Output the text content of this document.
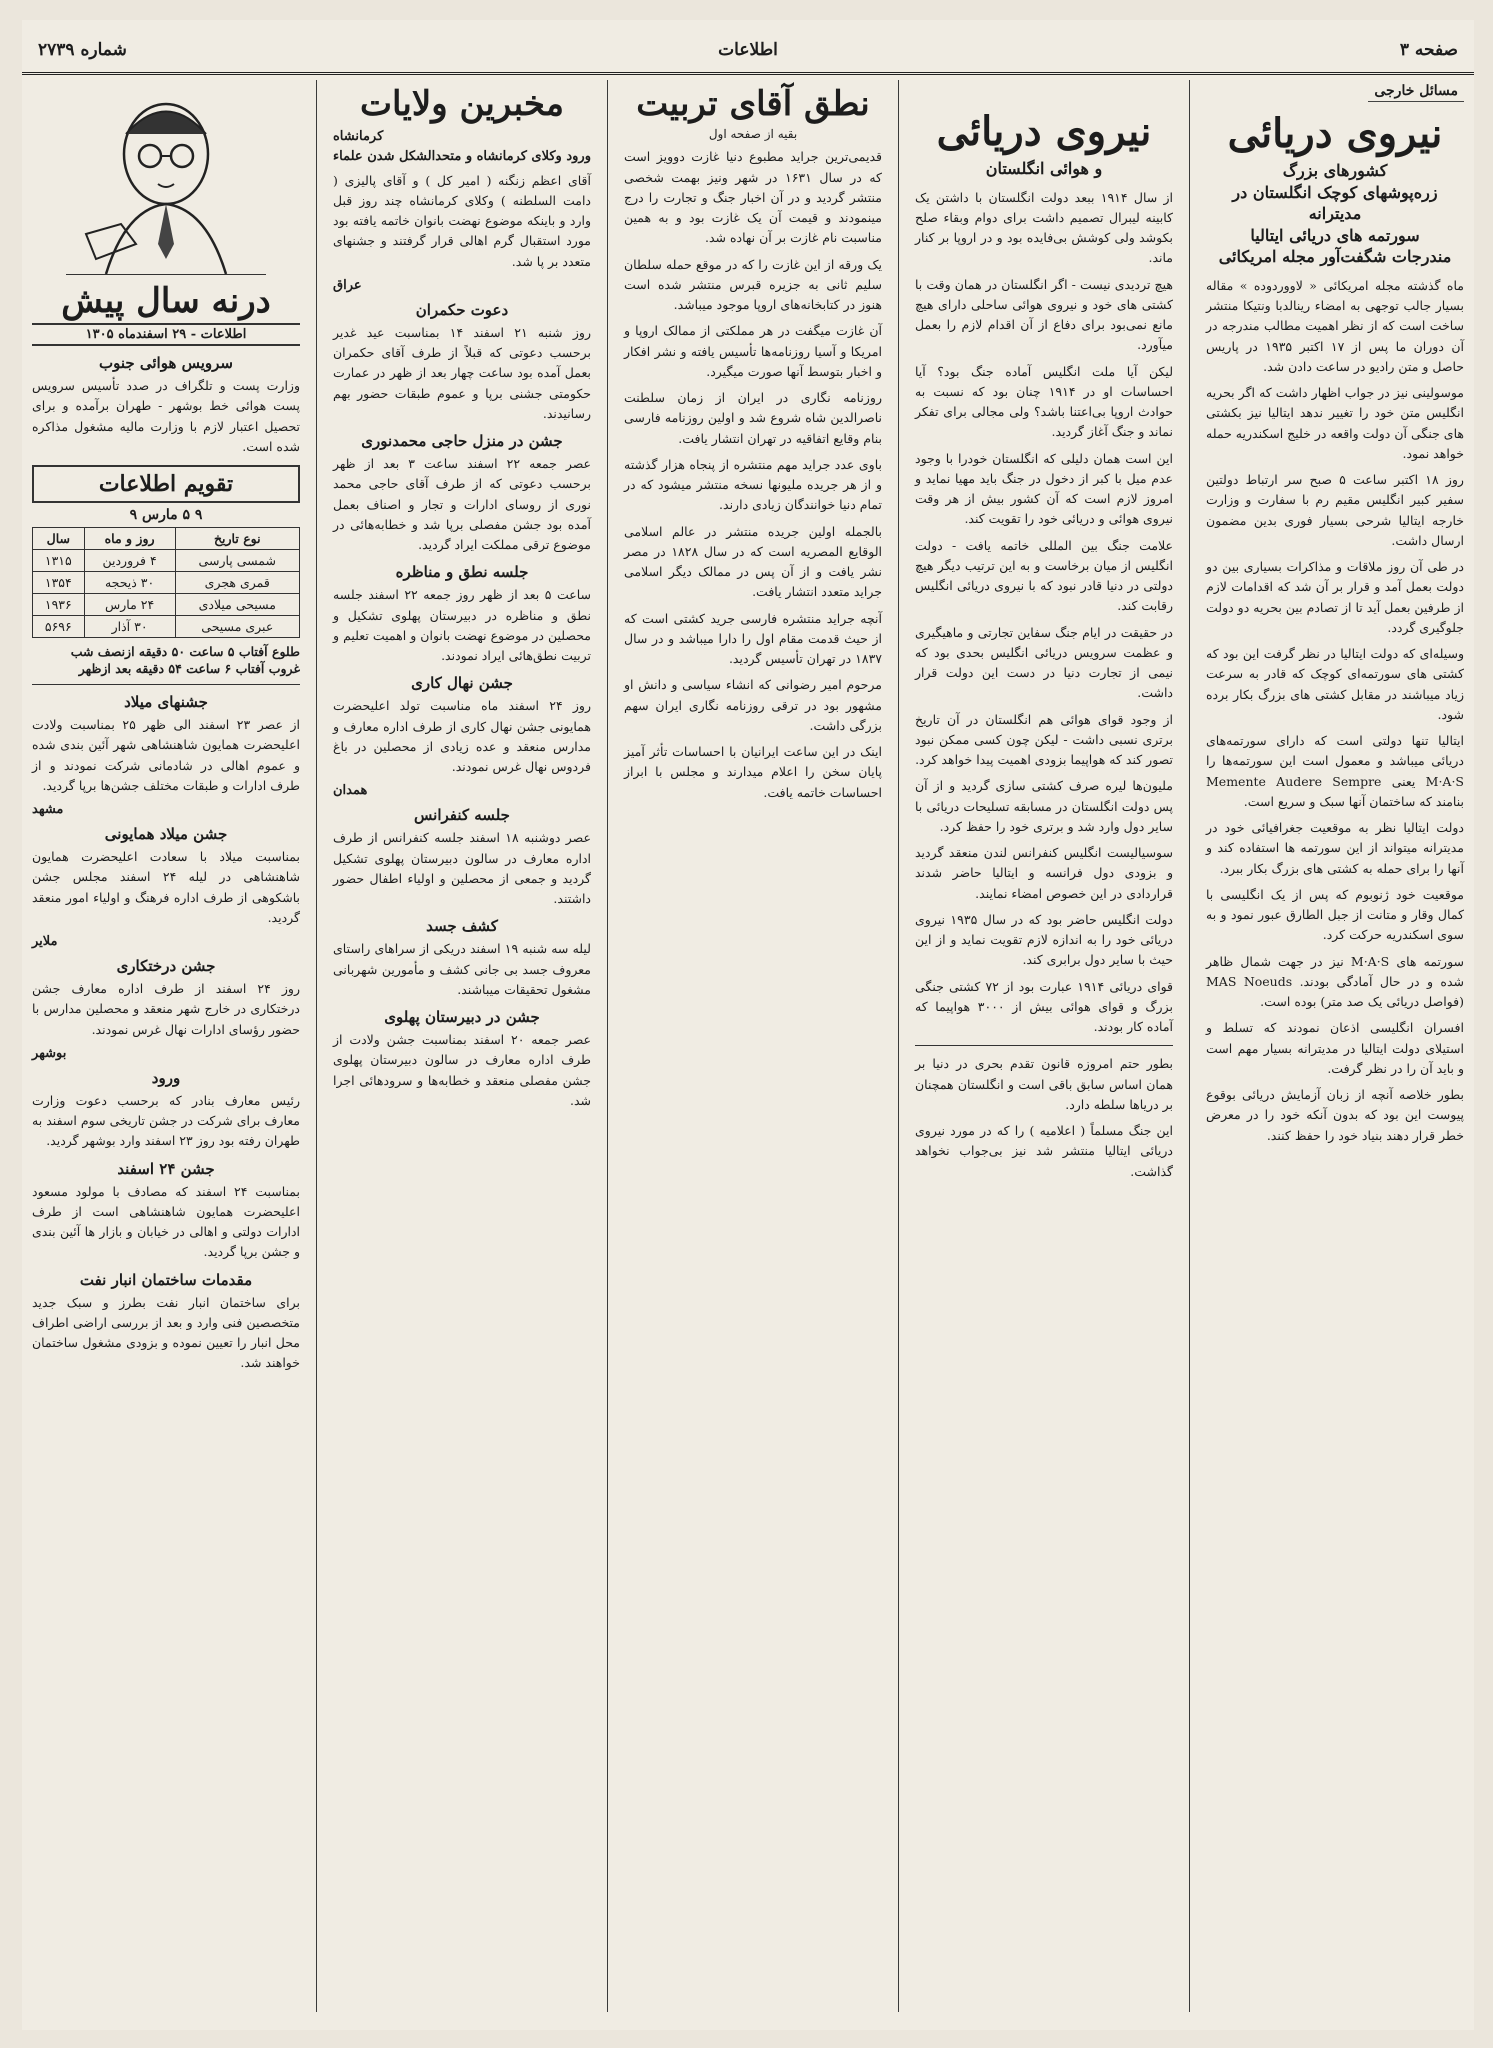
صفحه ۳
اطلاعات
شماره ۲۷۳۹
مسائل خارجی
نیروی دریائی
کشورهای بزرگ
زره‌پوشهای کوچک انگلستان در مدیترانه
سورتمه های دریائی ایتالیا
مندرجات شگفت‌آور مجله امریکائی

ماه گذشته مجله امریکائی « لاووردوده » مقاله بسیار جالب توجهی به امضاء رینالدبا ونتیکا منتشر ساخت است که از نظر اهمیت مطالب مندرجه در آن دوران ما پس از ۱۷ اکتبر ۱۹۳۵ در پاریس حاصل و متن رادیو در ساعت دادن شد.

موسولینی نیز در جواب اظهار داشت که اگر بحریه انگلیس متن خود را تغییر ندهد ایتالیا نیز بکشتی های جنگی آن دولت واقعه در خلیج اسکندریه حمله خواهد نمود.

روز ۱۸ اکتبر ساعت ۵ صبح سر ارتباط دولتین سفیر کبیر انگلیس مقیم رم با سفارت و وزارت خارجه ایتالیا شرحی بسیار فوری بدین مضمون ارسال داشت.

در طی آن روز ملاقات و مذاکرات بسیاری بین دو دولت بعمل آمد و قرار بر آن شد که اقدامات لازم از طرفین بعمل آید تا از تصادم بین بحریه دو دولت جلوگیری گردد.

وسیله‌ای که دولت ایتالیا در نظر گرفت این بود که کشتی های سورتمه‌ای کوچک که قادر به سرعت زیاد میباشند در مقابل کشتی های بزرگ بکار برده شود.

ایتالیا تنها دولتی است که دارای سورتمه‌های دریائی میباشد و معمول است این سورتمه‌ها را M·A·S یعنی Memente Audere Sempre بنامند که ساختمان آنها سبک و سریع است.

دولت ایتالیا نظر به موقعیت جغرافیائی خود در مدیترانه میتواند از این سورتمه ها استفاده کند و آنها را برای حمله به کشتی های بزرگ بکار ببرد.

موقعیت خود ژنوبوم که پس از یک انگلیسی با کمال وقار و متانت از جبل الطارق عبور نمود و به سوی اسکندریه حرکت کرد.

سورتمه های M·A·S نیز در جهت شمال ظاهر شده و در حال آمادگی بودند. MAS Noeuds (فواصل دریائی یک صد متر) بوده است.

افسران انگلیسی اذعان نمودند که تسلط و استیلای دولت ایتالیا در مدیترانه بسیار مهم است و باید آن را در نظر گرفت.

بطور خلاصه آنچه از زبان آزمایش دریائی بوقوع پیوست این بود که بدون آنکه خود را در معرض خطر قرار دهند بنیاد خود را حفظ کنند.

نیروی دریائی
و هوائی انگلستان

از سال ۱۹۱۴ ببعد دولت انگلستان با داشتن یک کابینه لیبرال تصمیم داشت برای دوام وبقاء صلح بکوشد ولی کوشش بی‌فایده بود و در اروپا بر کنار ماند.

هیچ تردیدی نیست - اگر انگلستان در همان وقت با کشتی های خود و نیروی هوائی ساحلی دارای هیچ مانع نمی‌بود برای دفاع از آن اقدام لازم را بعمل میآورد.

لیکن آیا ملت انگلیس آماده جنگ بود؟ آیا احساسات او در ۱۹۱۴ چنان بود که نسبت به حوادث اروپا بی‌اعتنا باشد؟ ولی مجالی برای تفکر نماند و جنگ آغاز گردید.

این است همان دلیلی که انگلستان خودرا با وجود عدم میل با کبر از دخول در جنگ باید مهیا نماید و امروز لازم است که آن کشور بیش از هر وقت نیروی هوائی و دریائی خود را تقویت کند.

علامت جنگ بین المللی خاتمه یافت - دولت انگلیس از میان برخاست و به این ترتیب دیگر هیچ دولتی در دنیا قادر نبود که با نیروی دریائی انگلیس رقابت کند.

در حقیقت در ایام جنگ سفاین تجارتی و ماهیگیری و عظمت سرویس دریائی انگلیس بحدی بود که نیمی از تجارت دنیا در دست این دولت قرار داشت.

از وجود قوای هوائی هم انگلستان در آن تاریخ برتری نسبی داشت - لیکن چون کسی ممکن نبود تصور کند که هواپیما بزودی اهمیت پیدا خواهد کرد.

ملیون‌ها لیره صرف کشتی سازی گردید و از آن پس دولت انگلستان در مسابقه تسلیحات دریائی با سایر دول وارد شد و برتری خود را حفظ کرد.

سوسیالیست انگلیس کنفرانس لندن منعقد گردید و بزودی دول فرانسه و ایتالیا حاضر شدند قراردادی در این خصوص امضاء نمایند.

دولت انگلیس حاضر بود که در سال ۱۹۳۵ نیروی دریائی خود را به اندازه لازم تقویت نماید و از این حیث با سایر دول برابری کند.

قوای دریائی ۱۹۱۴ عبارت بود از ۷۲ کشتی جنگی بزرگ و قوای هوائی بیش از ۳۰۰۰ هواپیما که آماده کار بودند.

بطور حتم امروزه قانون تقدم بحری در دنیا بر همان اساس سابق باقی است و انگلستان همچنان بر دریاها سلطه دارد.

این جنگ مسلماً ( اعلامیه ) را که در مورد نیروی دریائی ایتالیا منتشر شد نیز بی‌جواب نخواهد گذاشت.

نطق آقای تربیت
بقیه از صفحه اول

قدیمی‌ترین جراید مطبوع دنیا غازت دوویز است که در سال ۱۶۳۱ در شهر ونیز بهمت شخصی منتشر گردید و در آن اخبار جنگ و تجارت را درج مینمودند و قیمت آن یک غازت بود و به همین مناسبت نام غازت بر آن نهاده شد.

یک ورقه از این غازت را که در موقع حمله سلطان سلیم ثانی به جزیره قبرس منتشر شده است هنوز در کتابخانه‌های اروپا موجود میباشد.

آن غازت میگفت در هر مملکتی از ممالک اروپا و امریکا و آسیا روزنامه‌ها تأسیس یافته و نشر افکار و اخبار بتوسط آنها صورت میگیرد.

روزنامه نگاری در ایران از زمان سلطنت ناصرالدین شاه شروع شد و اولین روزنامه فارسی بنام وقایع اتفاقیه در تهران انتشار یافت.

باوی عدد جراید مهم منتشره از پنجاه هزار گذشته و از هر جریده ملیونها نسخه منتشر میشود که در تمام دنیا خوانندگان زیادی دارند.

بالجمله اولین جریده منتشر در عالم اسلامی الوقایع المصریه است که در سال ۱۸۲۸ در مصر نشر یافت و از آن پس در ممالک دیگر اسلامی جراید متعدد انتشار یافت.

آنچه جراید منتشره فارسی جرید کشتی است که از حیث قدمت مقام اول را دارا میباشد و در سال ۱۸۳۷ در تهران تأسیس گردید.

مرحوم امیر رضوانی که انشاء سیاسی و دانش او مشهور بود در ترقی روزنامه نگاری ایران سهم بزرگی داشت.

اینک در این ساعت ایرانیان با احساسات تأثر آمیز پایان سخن را اعلام میدارند و مجلس با ابراز احساسات خاتمه یافت.

مخبرین ولایات
کرمانشاه
ورود وکلای کرمانشاه و متحدالشکل شدن علماء

آقای اعظم زنگنه ( امیر کل ) و آقای پالیزی ( دامت السلطنه ) وکلای کرمانشاه چند روز قبل وارد و باینکه موضوع نهضت بانوان خاتمه یافته بود مورد استقبال گرم اهالی قرار گرفتند و جشنهای متعدد بر پا شد.

عراق
دعوت حکمران

روز شنبه ۲۱ اسفند ۱۴ بمناسبت عید غدیر برحسب دعوتی که قبلاً از طرف آقای حکمران بعمل آمده بود ساعت چهار بعد از ظهر در عمارت حکومتی جشنی برپا و عموم طبقات حضور بهم رسانیدند.

جشن در منزل حاجی محمدنوری

عصر جمعه ۲۲ اسفند ساعت ۳ بعد از ظهر برحسب دعوتی که از طرف آقای حاجی محمد نوری از روسای ادارات و تجار و اصناف بعمل آمده بود جشن مفصلی برپا شد و خطابه‌هائی در موضوع ترقی مملکت ایراد گردید.

جلسه نطق و مناظره

ساعت ۵ بعد از ظهر روز جمعه ۲۲ اسفند جلسه نطق و مناظره در دبیرستان پهلوی تشکیل و محصلین در موضوع نهضت بانوان و اهمیت تعلیم و تربیت نطق‌هائی ایراد نمودند.

جشن نهال کاری

روز ۲۴ اسفند ماه مناسبت تولد اعلیحضرت همایونی جشن نهال کاری از طرف اداره معارف و مدارس منعقد و عده زیادی از محصلین در باغ فردوس نهال غرس نمودند.

همدان
جلسه کنفرانس

عصر دوشنبه ۱۸ اسفند جلسه کنفرانس از طرف اداره معارف در سالون دبیرستان پهلوی تشکیل گردید و جمعی از محصلین و اولیاء اطفال حضور داشتند.

کشف جسد

لیله سه شنبه ۱۹ اسفند دریکی از سراهای راستای معروف جسد بی جانی کشف و مأمورین شهربانی مشغول تحقیقات میباشند.

جشن در دبیرستان پهلوی

عصر جمعه ۲۰ اسفند بمناسبت جشن ولادت از طرف اداره معارف در سالون دبیرستان پهلوی جشن مفصلی منعقد و خطابه‌ها و سرودهائی اجرا شد.

درنه سال پیش
اطلاعات - ۲۹ اسفندماه ۱۳۰۵
سرویس هوائی جنوب

وزارت پست و تلگراف در صدد تأسیس سرویس پست هوائی خط بوشهر - طهران برآمده و برای تحصیل اعتبار لازم با وزارت مالیه مشغول مذاکره شده است.

تقویم اطلاعات
۹ ۵ مارس ۹
نوع تاریخ	روز و ماه	سال
شمسی پارسی	۴ فروردین	۱۳۱۵
قمری هجری	۳۰ ذیحجه	۱۳۵۴
مسیحی میلادی	۲۴ مارس	۱۹۳۶
عبری مسیحی	۳۰ آذار	۵۶۹۶
طلوع آفتاب ۵ ساعت ۵۰ دقیقه ازنصف شب
غروب آفتاب ۶ ساعت ۵۴ دقیقه بعد ازظهر
جشنهای میلاد

از عصر ۲۳ اسفند الی ظهر ۲۵ بمناسبت ولادت اعلیحضرت همایون شاهنشاهی شهر آئین بندی شده و عموم اهالی در شادمانی شرکت نمودند و از طرف ادارات و طبقات مختلف جشن‌ها برپا گردید.

مشهد
جشن میلاد همایونی

بمناسبت میلاد با سعادت اعلیحضرت همایون شاهنشاهی در لیله ۲۴ اسفند مجلس جشن باشکوهی از طرف اداره فرهنگ و اولیاء امور منعقد گردید.

ملایر
جشن درختکاری

روز ۲۴ اسفند از طرف اداره معارف جشن درختکاری در خارج شهر منعقد و محصلین مدارس با حضور رؤسای ادارات نهال غرس نمودند.

بوشهر
ورود

رئیس معارف بنادر که برحسب دعوت وزارت معارف برای شرکت در جشن تاریخی سوم اسفند به طهران رفته بود روز ۲۳ اسفند وارد بوشهر گردید.

جشن ۲۴ اسفند

بمناسبت ۲۴ اسفند که مصادف با مولود مسعود اعلیحضرت همایون شاهنشاهی است از طرف ادارات دولتی و اهالی در خیابان و بازار ها آئین بندی و جشن برپا گردید.

مقدمات ساختمان انبار نفت

برای ساختمان انبار نفت بطرز و سبک جدید متخصصین فنی وارد و بعد از بررسی اراضی اطراف محل انبار را تعیین نموده و بزودی مشغول ساختمان خواهند شد.
